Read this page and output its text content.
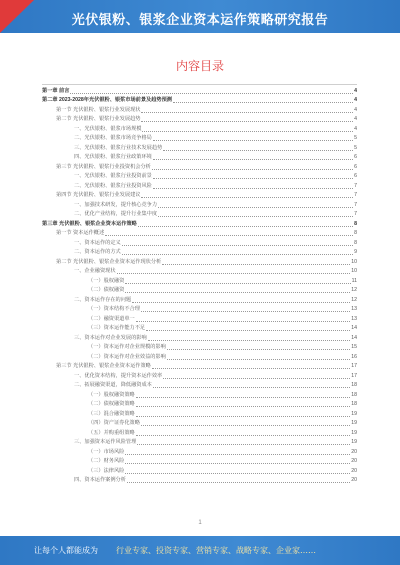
光伏银粉、银浆企业资本运作策略研究报告
内容目录
第一章 前言	4
第二章 2023-2028年光伏银粉、银浆市场前景及趋势预测	4
第一节 光伏银粉、银浆行业发展现状	4
第二节 光伏银粉、银浆行业发展趋势	4
一、光伏银粉、银浆市场规模	4
二、光伏银粉、银浆市场竞争格局	5
三、光伏银粉、银浆行业技术发展趋势	5
四、光伏银粉、银浆行业政策环境	6
第三节 光伏银粉、银浆行业投资机会分析	6
一、光伏银粉、银浆行业投资前景	6
二、光伏银粉、银浆行业投资风险	7
第四节 光伏银粉、银浆行业发展建议	7
一、加强技术研发，提升核心竞争力	7
二、优化产业结构，提升行业集中度	7
第三章 光伏银粉、银浆企业资本运作策略	8
第一节 资本运作概述	8
一、资本运作的定义	8
二、资本运作的方式	9
第二节 光伏银粉、银浆企业资本运作现状分析	10
一、企业融资现状	10
（一）股权融资	11
（二）债权融资	12
二、资本运作存在的问题	12
（一）资本结构不合理	13
（二）融资渠道单一	13
（三）资本运作能力不足	14
三、资本运作对企业发展的影响	14
（一）资本运作对企业规模的影响	15
（二）资本运作对企业效益的影响	16
第三节 光伏银粉、银浆企业资本运作策略	17
一、优化资本结构，提升资本运作效率	17
二、拓展融资渠道，降低融资成本	18
（一）股权融资策略	18
（二）债权融资策略	18
（三）混合融资策略	19
（四）资产证券化策略	19
（五）并购重组策略	19
三、加强资本运作风险管理	19
（一）市场风险	20
（二）财务风险	20
（三）法律风险	20
四、资本运作案例分析	20
1
让每个人都能成为 行业专家、投资专家、营销专家、战略专家、企业家……
